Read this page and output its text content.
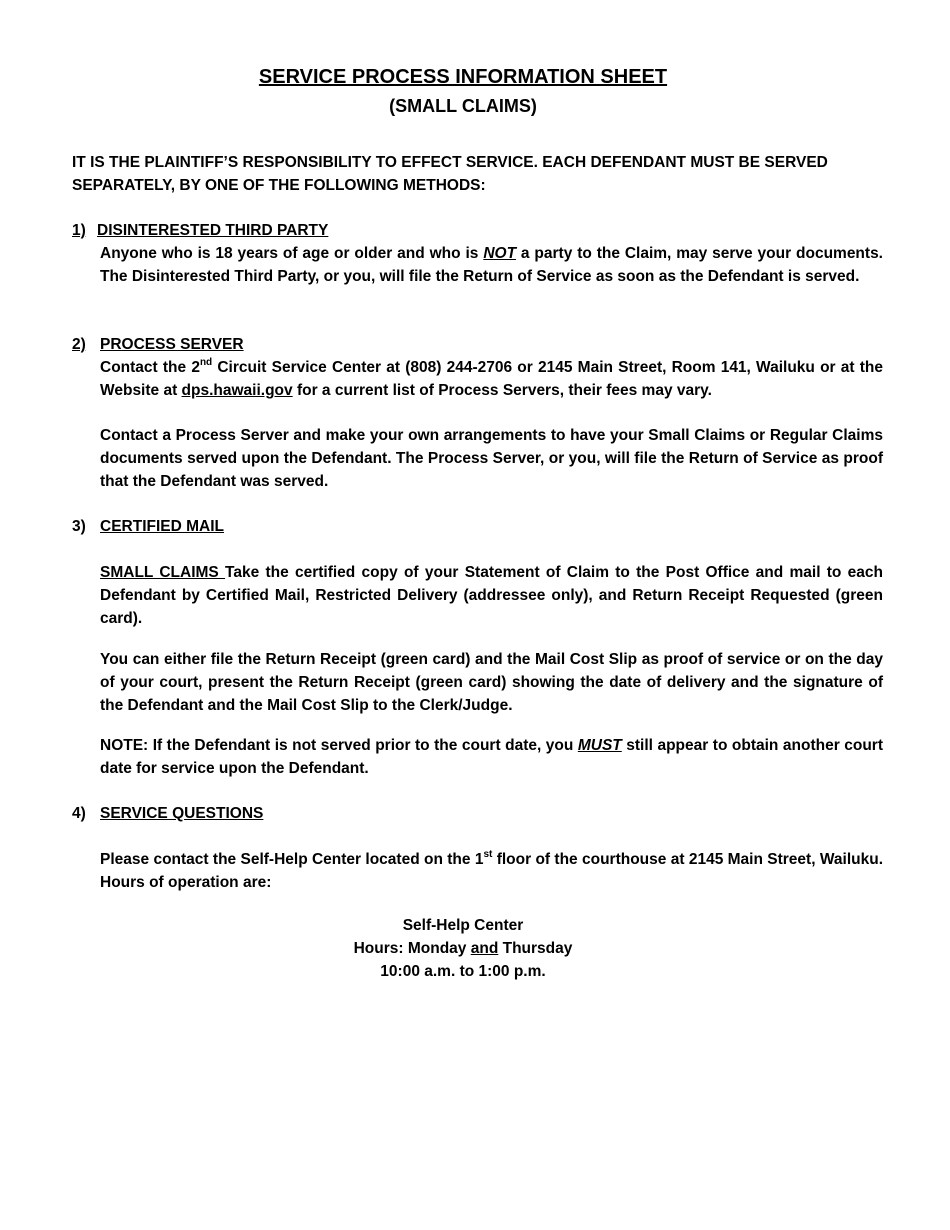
SERVICE PROCESS INFORMATION SHEET
(SMALL CLAIMS)
IT IS THE PLAINTIFF’S RESPONSIBILITY TO EFFECT SERVICE. EACH DEFENDANT MUST BE SERVED
SEPARATELY, BY ONE OF THE FOLLOWING METHODS:
1) DISINTERESTED THIRD PARTY
Anyone who is 18 years of age or older and who is NOT a party to the Claim, may serve your documents. The Disinterested Third Party, or you, will file the Return of Service as soon as the Defendant is served.
2) PROCESS SERVER
Contact the 2nd Circuit Service Center at (808) 244-2706 or 2145 Main Street, Room 141, Wailuku or at the Website at dps.hawaii.gov for a current list of Process Servers, their fees may vary.
Contact a Process Server and make your own arrangements to have your Small Claims or Regular Claims documents served upon the Defendant. The Process Server, or you, will file the Return of Service as proof that the Defendant was served.
3) CERTIFIED MAIL
SMALL CLAIMS Take the certified copy of your Statement of Claim to the Post Office and mail to each Defendant by Certified Mail, Restricted Delivery (addressee only), and Return Receipt Requested (green card).
You can either file the Return Receipt (green card) and the Mail Cost Slip as proof of service or on the day of your court, present the Return Receipt (green card) showing the date of delivery and the signature of the Defendant and the Mail Cost Slip to the Clerk/Judge.
NOTE: If the Defendant is not served prior to the court date, you MUST still appear to obtain another court date for service upon the Defendant.
4) SERVICE QUESTIONS
Please contact the Self-Help Center located on the 1st floor of the courthouse at 2145 Main Street, Wailuku. Hours of operation are:
Self-Help Center
Hours: Monday and Thursday
10:00 a.m. to 1:00 p.m.
